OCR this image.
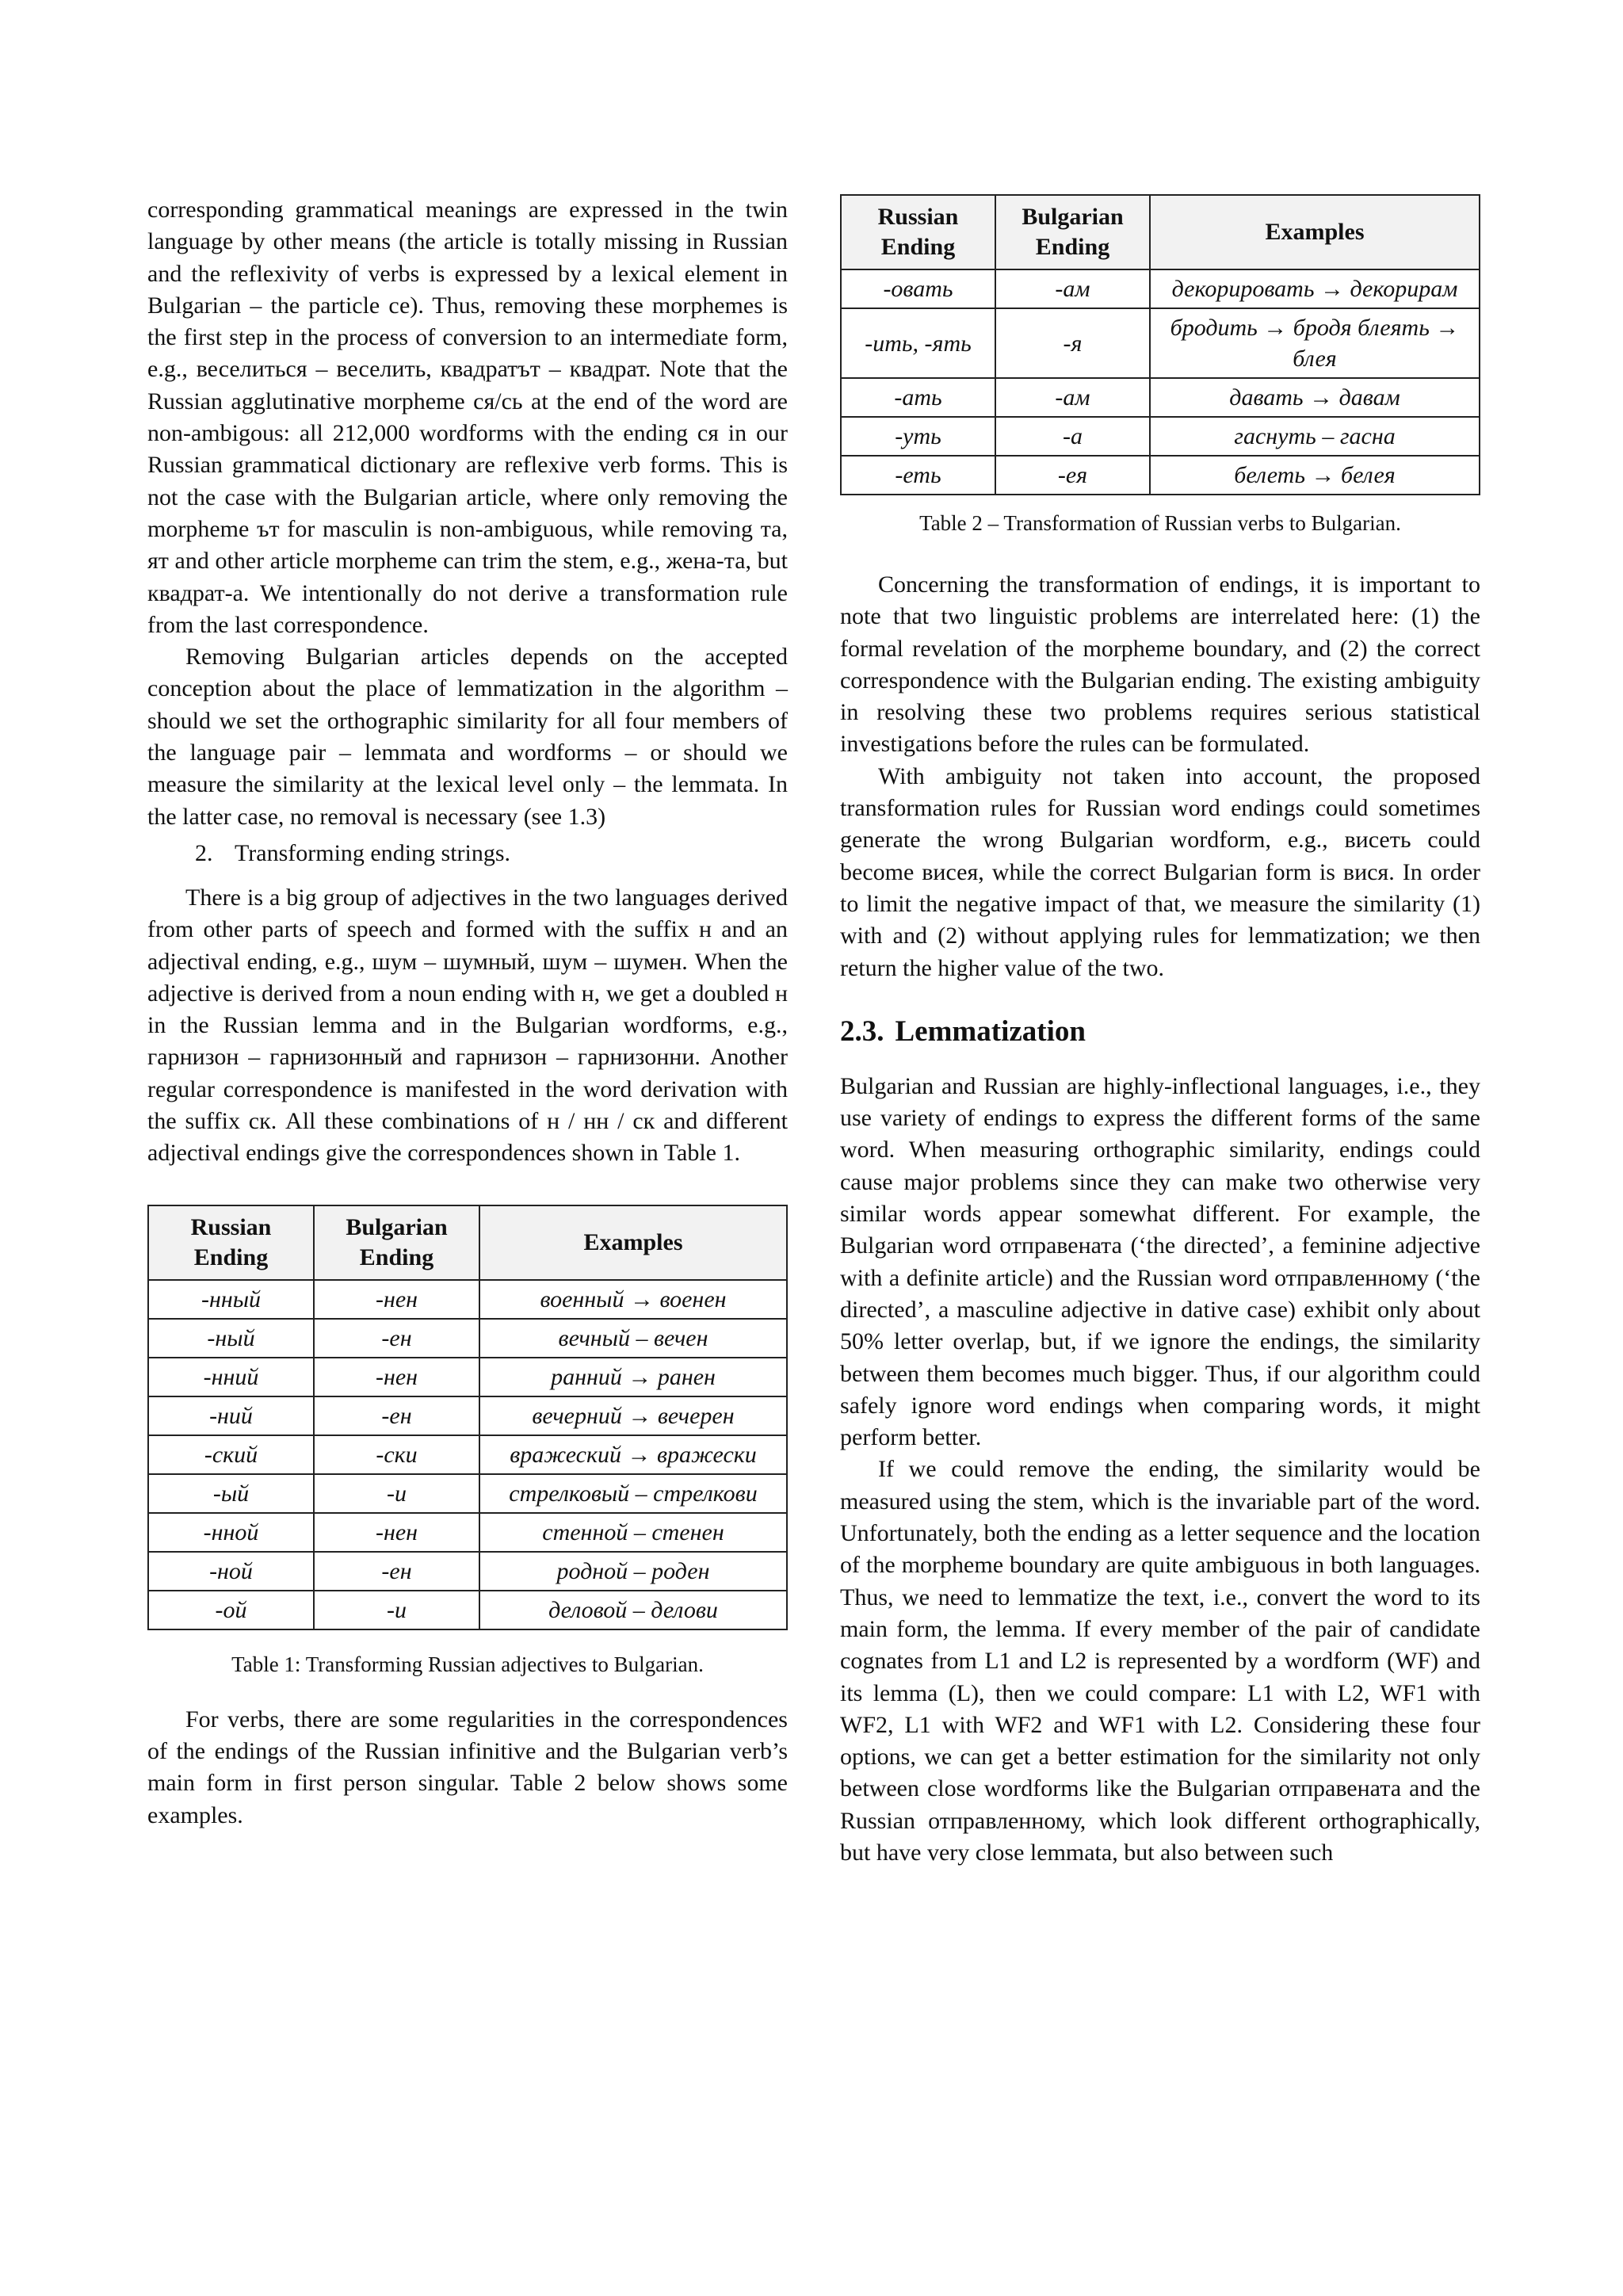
corresponding grammatical meanings are expressed in the twin language by other means (the article is totally missing in Russian and the reflexivity of verbs is expressed by a lexical element in Bulgarian – the particle се). Thus, removing these morphemes is the first step in the process of conversion to an intermediate form, e.g., веселиться – веселить, квадратът – квадрат. Note that the Russian agglutinative morpheme ся/сь at the end of the word are non-ambigous: all 212,000 wordforms with the ending ся in our Russian grammatical dictionary are reflexive verb forms. This is not the case with the Bulgarian article, where only removing the morpheme ът for masculin is non-ambiguous, while removing та, ят and other article morpheme can trim the stem, e.g., жена-та, but квадрат-а. We intentionally do not derive a transformation rule from the last correspondence.

Removing Bulgarian articles depends on the accepted conception about the place of lemmatization in the algorithm – should we set the orthographic similarity for all four members of the language pair – lemmata and wordforms – or should we measure the similarity at the lexical level only – the lemmata. In the latter case, no removal is necessary (see 1.3)

2. Transforming ending strings.

There is a big group of adjectives in the two languages derived from other parts of speech and formed with the suffix н and an adjectival ending, e.g., шум – шумный, шум – шумен. When the adjective is derived from a noun ending with н, we get a doubled н in the Russian lemma and in the Bulgarian wordforms, e.g., гарнизон – гарнизонный and гарнизон – гарнизонни. Another regular correspondence is manifested in the word derivation with the suffix ск. All these combinations of н / нн / ск and different adjectival endings give the correspondences shown in Table 1.

Russian Ending	Bulgarian Ending	Examples
-нный	-нен	военный → военен
-ный	-ен	вечный – вечен
-нний	-нен	ранний → ранен
-ний	-ен	вечерний → вечерен
-ский	-ски	вражеский → вражески
-ый	-и	стрелковый – стрелкови
-нной	-нен	стенной – стенен
-ной	-ен	родной – роден
-ой	-и	деловой – делови
Table 1: Transforming Russian adjectives to Bulgarian.

For verbs, there are some regularities in the correspondences of the endings of the Russian infinitive and the Bulgarian verb’s main form in first person singular. Table 2 below shows some examples.

Russian Ending	Bulgarian Ending	Examples
-овать	-ам	декорировать → декорирам
-ить, -ять	-я	бродить → бродя блеять → блея
-ать	-ам	давать → давам
-уть	-а	гаснуть – гасна
-еть	-ея	белеть → белея
Table 2 – Transformation of Russian verbs to Bulgarian.

Concerning the transformation of endings, it is important to note that two linguistic problems are interrelated here: (1) the formal revelation of the morpheme boundary, and (2) the correct correspondence with the Bulgarian ending. The existing ambiguity in resolving these two problems requires serious statistical investigations before the rules can be formulated.

With ambiguity not taken into account, the proposed transformation rules for Russian word endings could sometimes generate the wrong Bulgarian wordform, e.g., висеть could become висея, while the correct Bulgarian form is вися. In order to limit the negative impact of that, we measure the similarity (1) with and (2) without applying rules for lemmatization; we then return the higher value of the two.

2.3. Lemmatization

Bulgarian and Russian are highly-inflectional languages, i.e., they use variety of endings to express the different forms of the same word. When measuring orthographic similarity, endings could cause major problems since they can make two otherwise very similar words appear somewhat different. For example, the Bulgarian word отправената (‘the directed’, a feminine adjective with a definite article) and the Russian word отправленному (‘the directed’, a masculine adjective in dative case) exhibit only about 50% letter overlap, but, if we ignore the endings, the similarity between them becomes much bigger. Thus, if our algorithm could safely ignore word endings when comparing words, it might perform better.

If we could remove the ending, the similarity would be measured using the stem, which is the invariable part of the word. Unfortunately, both the ending as a letter sequence and the location of the morpheme boundary are quite ambiguous in both languages. Thus, we need to lemmatize the text, i.e., convert the word to its main form, the lemma. If every member of the pair of candidate cognates from L1 and L2 is represented by a wordform (WF) and its lemma (L), then we could compare: L1 with L2, WF1 with WF2, L1 with WF2 and WF1 with L2. Considering these four options, we can get a better estimation for the similarity not only between close wordforms like the Bulgarian отправената and the Russian отправленному, which look different orthographically, but have very close lemmata, but also between such
